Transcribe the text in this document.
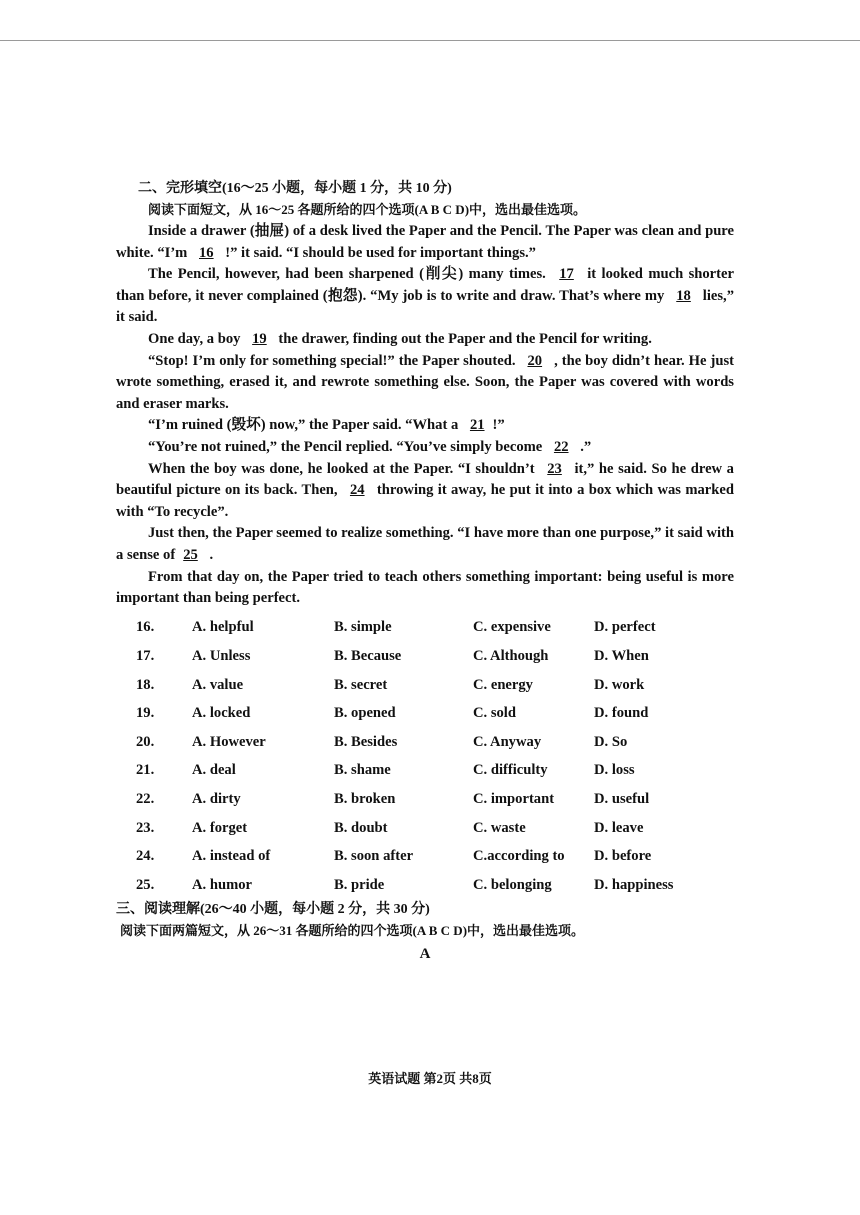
二、完形填空(16～25 小题，每小题 1 分，共 10 分)
阅读下面短文，从 16～25 各题所给的四个选项(A B C D)中，选出最佳选项。

Inside a drawer (抽屉) of a desk lived the Paper and the Pencil. The Paper was clean and pure white. “I’m 16 !” it said. “I should be used for important things.”

The Pencil, however, had been sharpened (削尖) many times. 17 it looked much shorter than before, it never complained (抱怨). “My job is to write and draw. That’s where my 18 lies,” it said.

One day, a boy 19 the drawer, finding out the Paper and the Pencil for writing.

“Stop! I’m only for something special!” the Paper shouted. 20 , the boy didn’t hear. He just wrote something, erased it, and rewrote something else. Soon, the Paper was covered with words and eraser marks.

“I’m ruined (毁坏) now,” the Paper said. “What a 21 !”

“You’re not ruined,” the Pencil replied. “You’ve simply become 22 .”

When the boy was done, he looked at the Paper. “I shouldn’t 23 it,” he said. So he drew a beautiful picture on its back. Then, 24 throwing it away, he put it into a box which was marked with “To recycle”.

Just then, the Paper seemed to realize something. “I have more than one purpose,” it said with a sense of 25 .

From that day on, the Paper tried to teach others something important: being useful is more important than being perfect.

16.	A. helpful	B. simple	C. expensive	D. perfect
17.	A. Unless	B. Because	C. Although	D. When
18.	A. value	B. secret	C. energy	D. work
19.	A. locked	B. opened	C. sold	D. found
20.	A. However	B. Besides	C. Anyway	D. So
21.	A. deal	B. shame	C. difficulty	D. loss
22.	A. dirty	B. broken	C. important	D. useful
23.	A. forget	B. doubt	C. waste	D. leave
24.	A. instead of	B. soon after	C.according to	D. before
25.	A. humor	B. pride	C. belonging	D. happiness
三、阅读理解(26～40 小题，每小题 2 分，共 30 分)
阅读下面两篇短文，从 26～31 各题所给的四个选项(A B C D)中，选出最佳选项。
A
英语试题 第2页 共8页
